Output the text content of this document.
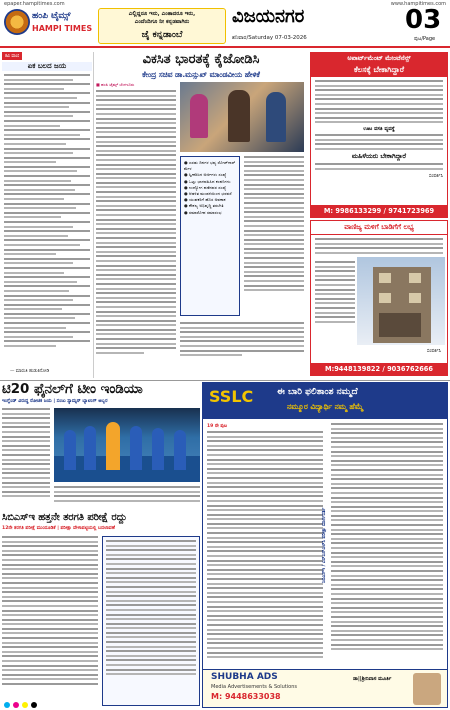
epaper.hampitimes.com	www.hampitimes.com
ಹಂಪಿ ಟೈಮ್ಸ್
HAMPI TIMES
ಎಲ್ಲಿದ್ದರೂ ಇರು, ಎಂತಾದರೂ ಇರು,
ಎಂದೆಂದಿಗೂ ನೀ ಕನ್ನಡವಾಗಿರು
ಜೈ ಕನ್ನಡಾಂಬೆ
ವಿಜಯನಗರ
ಶನಿವಾರ/Saturday 07-03-2026
03
ಪುಟ/Page
ಕವಿ ವಾಣಿ
ಏಕ ಬಲದ ಜಯ
— ಮಾರುತಿ ಹುಡುಕಿನೋಡಿ
ವಿಕಸಿತ ಭಾರತಕ್ಕೆ ಕೈಜೋಡಿಸಿ
ಕೇಂದ್ರ ಸಚಿವ ಡಾ.ಮನ್ಸುಖ್ ಮಾಂಡವೀಯ ಹೇಳಿಕೆ
■ ಹಂಪಿ ಟೈಮ್ಸ್ ಬೆಂಗಳೂರು
● ಎರಡು ದಿನಗಳ ಭವ್ಯ ರೋಜ್‌ಗಾರ್ ಮೇಳ
● ಸ್ವೀಕರಿಸಿದ ಅರ್ಜಿಗಳು ಸಂಖ್ಯೆ
● ಒಟ್ಟು ಭಾಗವಹಿಸಿದ ಕಂಪನಿಗಳು
● ಉದ್ಯೋಗ ಪಡೆದವರ ಸಂಖ್ಯೆ
● ಆಡಳಿತ ಮಂಡಳಿಯಿಂದ ಭರವಸೆ
● ಯುವಕರಿಗೆ ಹೊಸ ಅವಕಾಶ
● ಕೌಶಲ್ಯ ಅಭಿವೃದ್ಧಿ ತರಬೇತಿ
● ಸಮಾರೋಪ ಸಮಾರಂಭ
ಅಪಾರ್ಟ್‌ಮೆಂಟ್ ಮೇಂಟೆನೆನ್ಸ್
ಕೆಲಸಕ್ಕೆ ಬೇಕಾಗಿದ್ದಾರೆ
ಊಟ ವಸತಿ ವ್ಯವಸ್ಥೆ
ಮಹಿಳೆಯರು ಬೇಕಾಗಿದ್ದಾರೆ
ಸಂಪರ್ಕಿಸಿ
M: 9986133299 / 9741723969
ವಾಣಿಜ್ಯ ಮಳಿಗೆ ಬಾಡಿಗೆಗೆ ಲಭ್ಯ
ಸಂಪರ್ಕಿಸಿ
M:9448139822 / 9036762666
ಟಿ20 ಫೈನಲ್‌ಗೆ ಟೀಂ ಇಂಡಿಯಾ
ಇಂಗ್ಲೆಂಡ್ ವಿರುದ್ಧ ರೋಚಕ ಜಯ | ಸಂಜು ಸ್ಯಾಮ್ಸನ್ ಬ್ಯಾಟಿಂಗ್ ಅಬ್ಬರ
ಸಿಬಿಎಸ್‌ಇ ಹತ್ತನೇ ತರಗತಿ ಪರೀಕ್ಷೆ ರದ್ದು
12ನೇ ತರಗತಿ ಪರೀಕ್ಷೆ ಮುಂದೂಡಿಕೆ | ಪರೀಕ್ಷಾ ವೇಳಾಪಟ್ಟಿಯಲ್ಲಿ ಬದಲಾವಣೆ
SSLC	ಈ ಬಾರಿ ಫಲಿತಾಂಶ ನಮ್ಮದೆ
ನಮ್ಮೂರ ವಿದ್ಯಾರ್ಥಿ ನಮ್ಮ ಹೆಮ್ಮೆ
19 ನೇ ಪುಟ
ಸಿಬಿಎಸ್ಇ / ಎಸ್ಎಸ್ಎಲ್‌ಸಿ ಪರೀಕ್ಷಾ ಮಾರ್ಗದರ್ಶಿ
SHUBHA ADS
Media Advertisements & Solutions
M: 9448633038
ಡಾ||ಶ್ರೀನಿವಾಸ ಮೂರ್ತಿ
